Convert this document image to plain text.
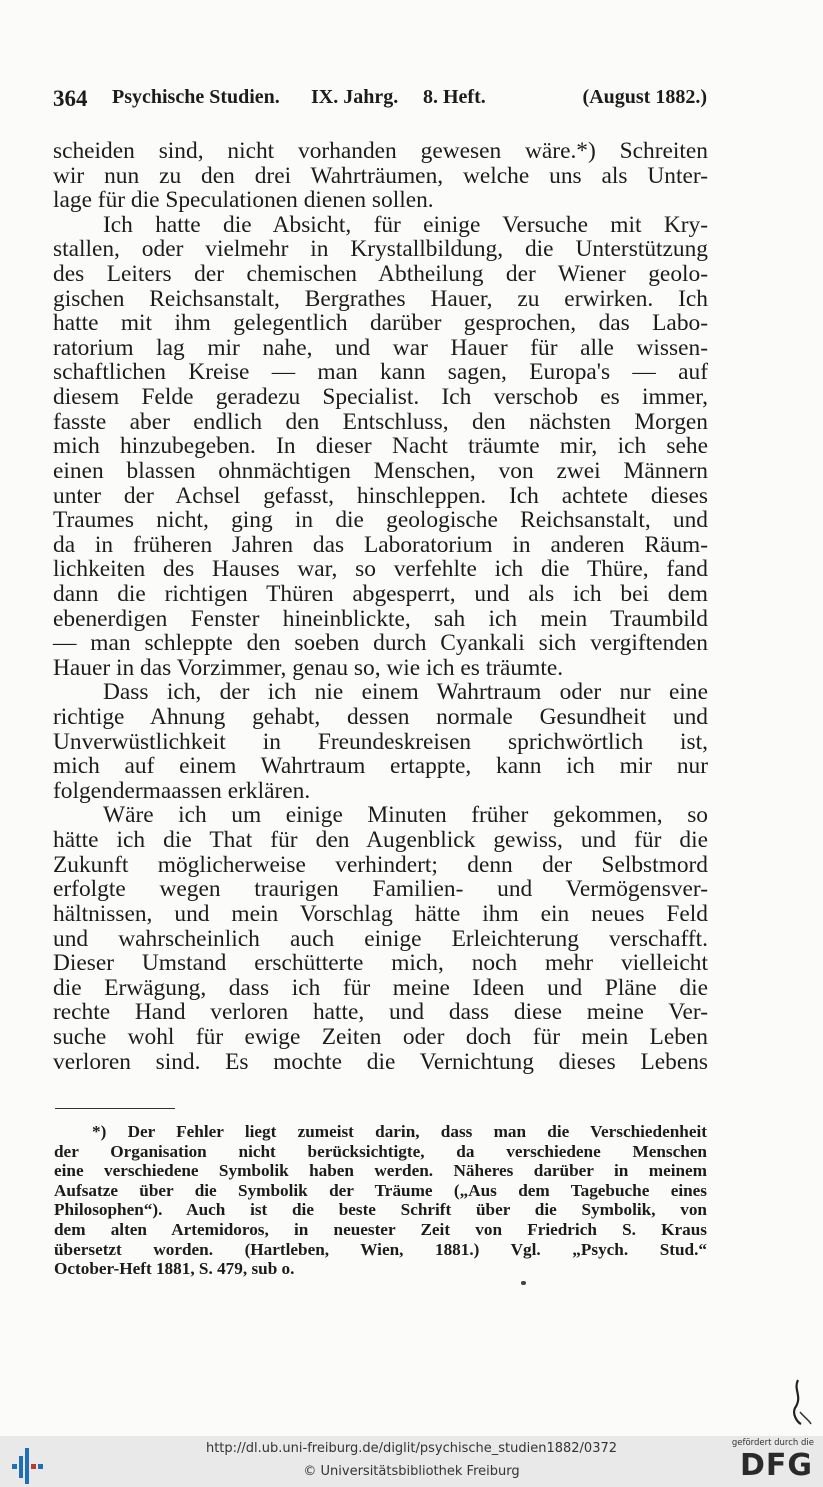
364 Psychische Studien. IX. Jahrg. 8. Heft.	(August 1882.)
scheiden sind, nicht vorhanden gewesen wäre.*) Schreiten
wir nun zu den drei Wahrträumen, welche uns als Unter-
lage für die Speculationen dienen sollen.
Ich hatte die Absicht, für einige Versuche mit Kry-
stallen, oder vielmehr in Krystallbildung, die Unterstützung
des Leiters der chemischen Abtheilung der Wiener geolo-
gischen Reichsanstalt, Bergrathes Hauer, zu erwirken. Ich
hatte mit ihm gelegentlich darüber gesprochen, das Labo-
ratorium lag mir nahe, und war Hauer für alle wissen-
schaftlichen Kreise — man kann sagen, Europa's — auf
diesem Felde geradezu Specialist. Ich verschob es immer,
fasste aber endlich den Entschluss, den nächsten Morgen
mich hinzubegeben. In dieser Nacht träumte mir, ich sehe
einen blassen ohnmächtigen Menschen, von zwei Männern
unter der Achsel gefasst, hinschleppen. Ich achtete dieses
Traumes nicht, ging in die geologische Reichsanstalt, und
da in früheren Jahren das Laboratorium in anderen Räum-
lichkeiten des Hauses war, so verfehlte ich die Thüre, fand
dann die richtigen Thüren abgesperrt, und als ich bei dem
ebenerdigen Fenster hineinblickte, sah ich mein Traumbild
— man schleppte den soeben durch Cyankali sich vergiftenden
Hauer in das Vorzimmer, genau so, wie ich es träumte.
Dass ich, der ich nie einem Wahrtraum oder nur eine
richtige Ahnung gehabt, dessen normale Gesundheit und
Unverwüstlichkeit in Freundeskreisen sprichwörtlich ist,
mich auf einem Wahrtraum ertappte, kann ich mir nur
folgendermaassen erklären.
Wäre ich um einige Minuten früher gekommen, so
hätte ich die That für den Augenblick gewiss, und für die
Zukunft möglicherweise verhindert; denn der Selbstmord
erfolgte wegen traurigen Familien- und Vermögensver-
hältnissen, und mein Vorschlag hätte ihm ein neues Feld
und wahrscheinlich auch einige Erleichterung verschafft.
Dieser Umstand erschütterte mich, noch mehr vielleicht
die Erwägung, dass ich für meine Ideen und Pläne die
rechte Hand verloren hatte, und dass diese meine Ver-
suche wohl für ewige Zeiten oder doch für mein Leben
verloren sind. Es mochte die Vernichtung dieses Lebens
*) Der Fehler liegt zumeist darin, dass man die Verschiedenheit
der Organisation nicht berücksichtigte, da verschiedene Menschen
eine verschiedene Symbolik haben werden. Näheres darüber in meinem
Aufsatze über die Symbolik der Träume („Aus dem Tagebuche eines
Philosophen“). Auch ist die beste Schrift über die Symbolik, von
dem alten Artemidoros, in neuester Zeit von Friedrich S. Kraus
übersetzt worden. (Hartleben, Wien, 1881.) Vgl. „Psych. Stud.“
October-Heft 1881, S. 479, sub o.
http://dl.ub.uni-freiburg.de/diglit/psychische_studien1882/0372
© Universitätsbibliothek Freiburg
gefördert durch die
DFG
